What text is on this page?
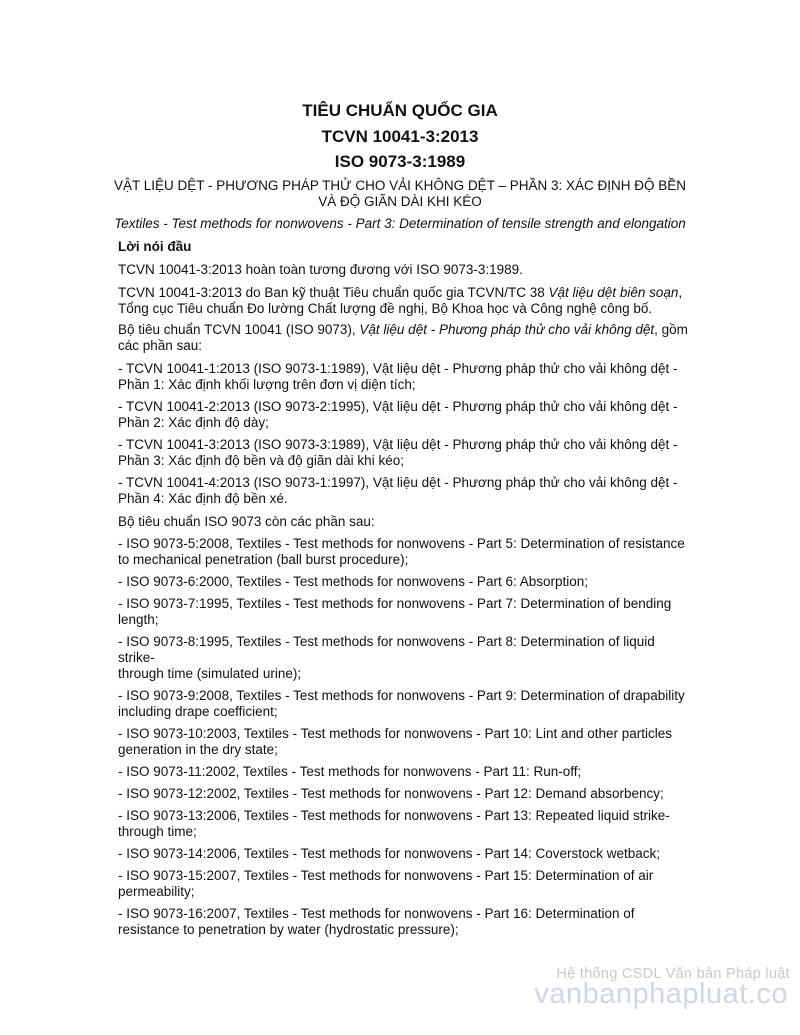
TIÊU CHUẨN QUỐC GIA
TCVN 10041-3:2013
ISO 9073-3:1989
VẬT LIỆU DỆT - PHƯƠNG PHÁP THỬ CHO VẢI KHÔNG DỆT – PHẦN 3: XÁC ĐỊNH ĐỘ BỀN
VÀ ĐỘ GIÃN DÀI KHI KÉO
Textiles - Test methods for nonwovens - Part 3: Determination of tensile strength and elongation
Lời nói đầu
TCVN 10041-3:2013 hoàn toàn tương đương với ISO 9073-3:1989.
TCVN 10041-3:2013 do Ban kỹ thuật Tiêu chuẩn quốc gia TCVN/TC 38 Vật liệu dệt biên soạn,
Tổng cục Tiêu chuẩn Đo lường Chất lượng đề nghị, Bộ Khoa học và Công nghệ công bố.
Bộ tiêu chuẩn TCVN 10041 (ISO 9073), Vật liệu dệt - Phương pháp thử cho vải không dệt, gồm
các phần sau:
- TCVN 10041-1:2013 (ISO 9073-1:1989), Vật liệu dệt - Phương pháp thử cho vải không dệt -
Phần 1: Xác định khối lượng trên đơn vị diện tích;
- TCVN 10041-2:2013 (ISO 9073-2:1995), Vật liệu dệt - Phương pháp thử cho vải không dệt -
Phần 2: Xác định độ dày;
- TCVN 10041-3:2013 (ISO 9073-3:1989), Vật liệu dệt - Phương pháp thử cho vải không dệt -
Phần 3: Xác định độ bền và độ giãn dài khi kéo;
- TCVN 10041-4:2013 (ISO 9073-1:1997), Vật liệu dệt - Phương pháp thử cho vải không dệt -
Phần 4: Xác định độ bền xé.
Bộ tiêu chuẩn ISO 9073 còn các phần sau:
- ISO 9073-5:2008, Textiles - Test methods for nonwovens - Part 5: Determination of resistance
to mechanical penetration (ball burst procedure);
- ISO 9073-6:2000, Textiles - Test methods for nonwovens - Part 6: Absorption;
- ISO 9073-7:1995, Textiles - Test methods for nonwovens - Part 7: Determination of bending
length;
- ISO 9073-8:1995, Textiles - Test methods for nonwovens - Part 8: Determination of liquid strike-
through time (simulated urine);
- ISO 9073-9:2008, Textiles - Test methods for nonwovens - Part 9: Determination of drapability
including drape coefficient;
- ISO 9073-10:2003, Textiles - Test methods for nonwovens - Part 10: Lint and other particles
generation in the dry state;
- ISO 9073-11:2002, Textiles - Test methods for nonwovens - Part 11: Run-off;
- ISO 9073-12:2002, Textiles - Test methods for nonwovens - Part 12: Demand absorbency;
- ISO 9073-13:2006, Textiles - Test methods for nonwovens - Part 13: Repeated liquid strike-
through time;
- ISO 9073-14:2006, Textiles - Test methods for nonwovens - Part 14: Coverstock wetback;
- ISO 9073-15:2007, Textiles - Test methods for nonwovens - Part 15: Determination of air
permeability;
- ISO 9073-16:2007, Textiles - Test methods for nonwovens - Part 16: Determination of
resistance to penetration by water (hydrostatic pressure);
Hệ thống CSDL Văn bản Pháp luật
vanbanphapluat.co
